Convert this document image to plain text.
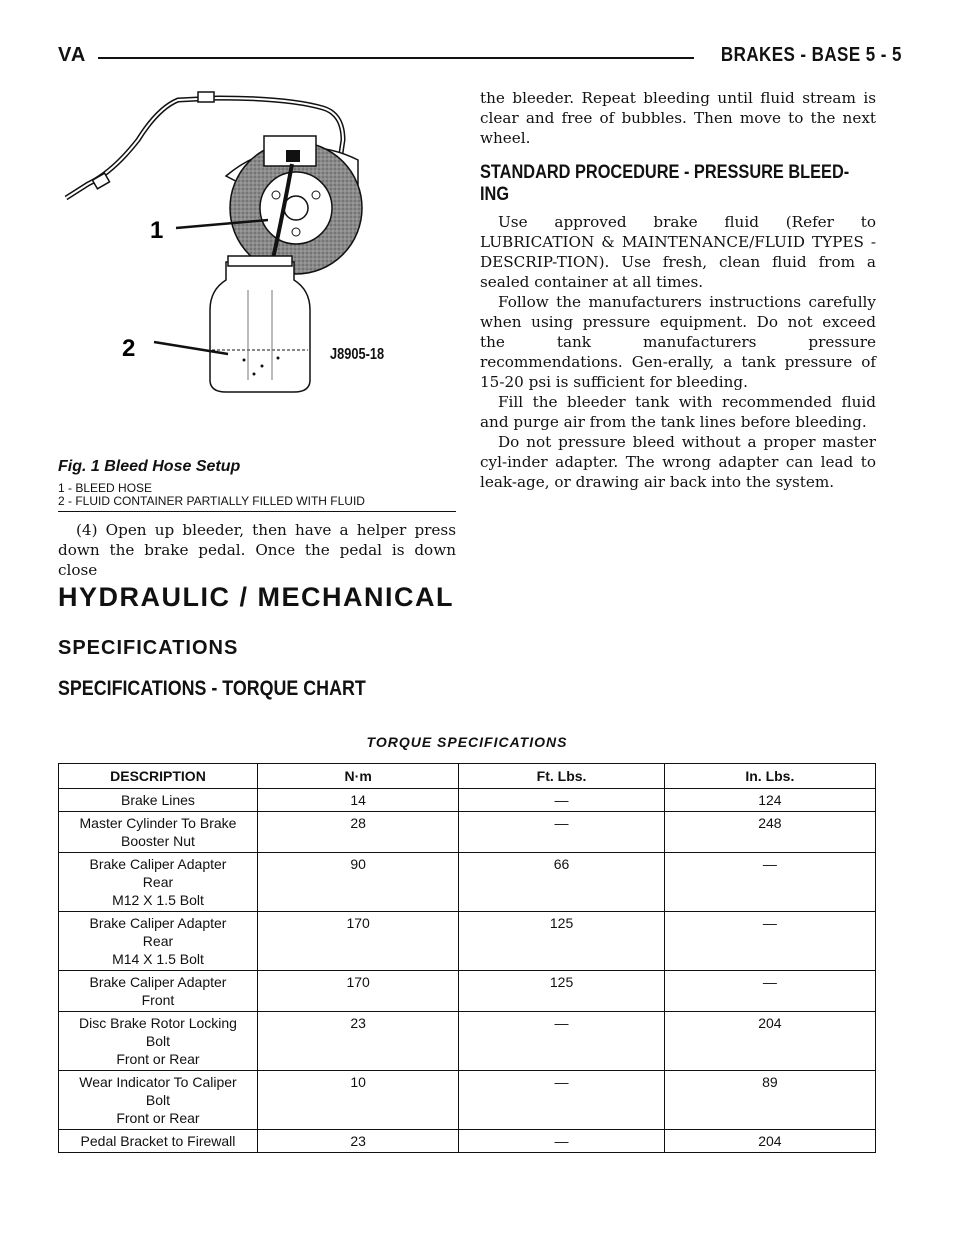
VA	BRAKES - BASE 5 - 5
1
2	J8905-18
Fig. 1 Bleed Hose Setup
1 - BLEED HOSE
2 - FLUID CONTAINER PARTIALLY FILLED WITH FLUID

(4) Open up bleeder, then have a helper press down the brake pedal. Once the pedal is down close

the bleeder. Repeat bleeding until fluid stream is clear and free of bubbles. Then move to the next wheel.

STANDARD PROCEDURE - PRESSURE BLEED-ING

Use approved brake fluid (Refer to LUBRICATION & MAINTENANCE/FLUID TYPES - DESCRIP-TION). Use fresh, clean fluid from a sealed container at all times.

Follow the manufacturers instructions carefully when using pressure equipment. Do not exceed the tank manufacturers pressure recommendations. Gen-erally, a tank pressure of 15-20 psi is sufficient for bleeding.

Fill the bleeder tank with recommended fluid and purge air from the tank lines before bleeding.

Do not pressure bleed without a proper master cyl-inder adapter. The wrong adapter can lead to leak-age, or drawing air back into the system.

HYDRAULIC / MECHANICAL
SPECIFICATIONS
SPECIFICATIONS - TORQUE CHART
TORQUE SPECIFICATIONS
DESCRIPTION	N·m	Ft. Lbs.	In. Lbs.
Brake Lines	14	—	124
Master Cylinder To Brake
Booster Nut	28	—	248
Brake Caliper Adapter
Rear
M12 X 1.5 Bolt	90	66	—
Brake Caliper Adapter
Rear
M14 X 1.5 Bolt	170	125	—
Brake Caliper Adapter
Front	170	125	—
Disc Brake Rotor Locking
Bolt
Front or Rear	23	—	204
Wear Indicator To Caliper
Bolt
Front or Rear	10	—	89
Pedal Bracket to Firewall	23	—	204
